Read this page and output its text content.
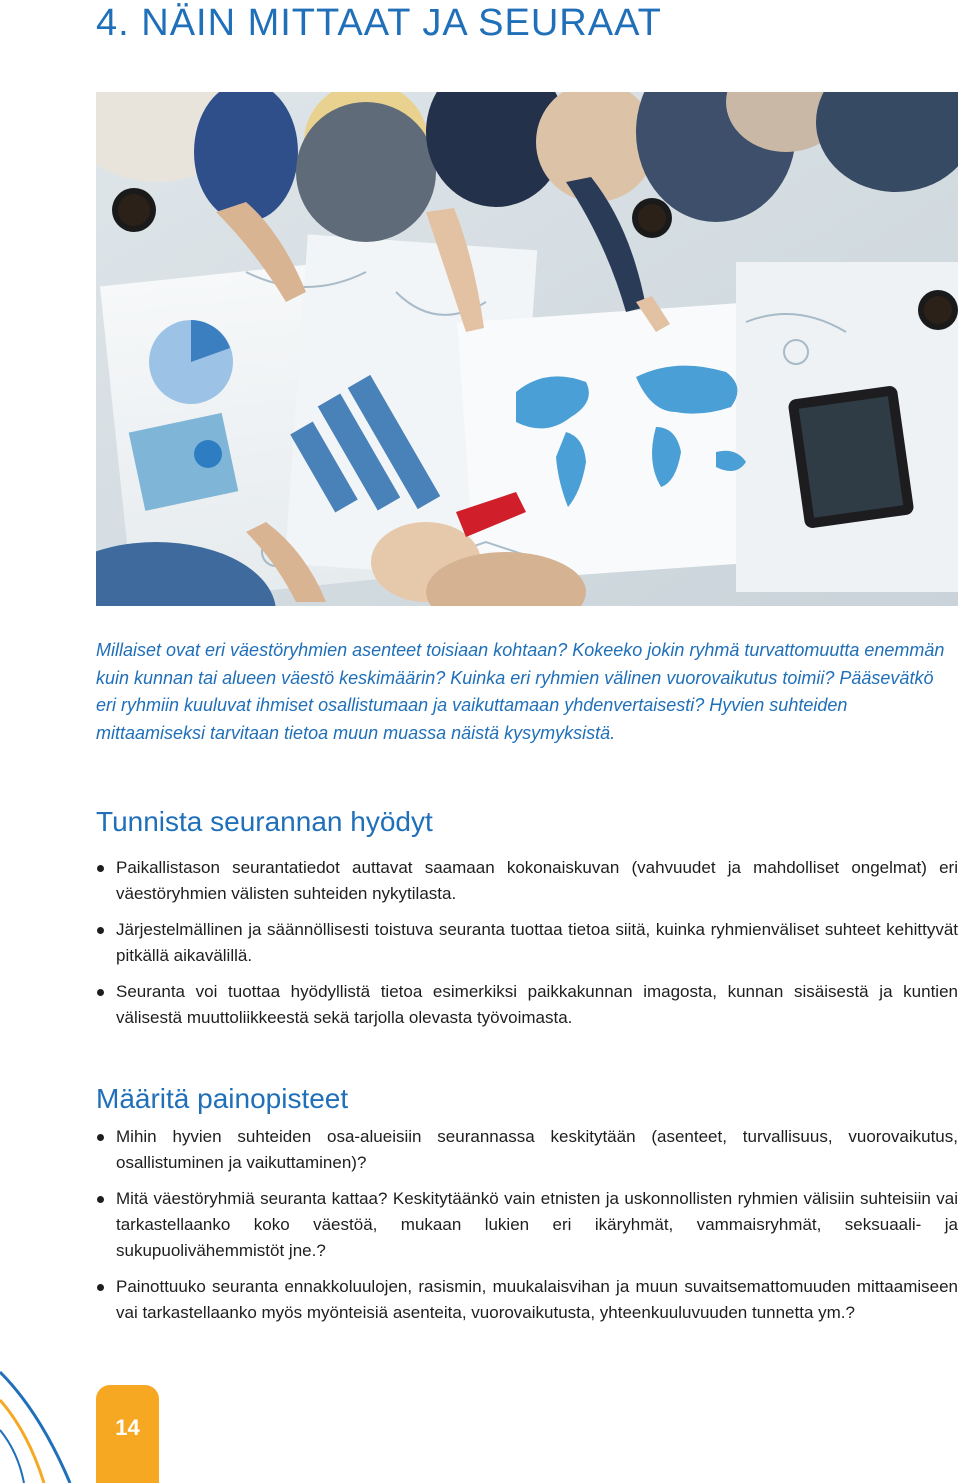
4. NÄIN MITTAAT JA SEURAAT

Millaiset ovat eri väestöryhmien asenteet toisiaan kohtaan? Kokeeko jokin ryhmä turvattomuutta enemmän kuin kunnan tai alueen väestö keskimäärin? Kuinka eri ryhmien välinen vuorovaikutus toimii? Pääsevätkö eri ryhmiin kuuluvat ihmiset osallistumaan ja vaikuttamaan yhdenvertaisesti? Hyvien suhteiden mittaamiseksi tarvitaan tietoa muun muassa näistä kysymyksistä.

Tunnista seurannan hyödyt
Paikallistason seurantatiedot auttavat saamaan kokonaiskuvan (vahvuudet ja mahdolliset ongelmat) eri väestöryhmien välisten suhteiden nykytilasta.
Järjestelmällinen ja säännöllisesti toistuva seuranta tuottaa tietoa siitä, kuinka ryhmienväliset suhteet kehittyvät pitkällä aikavälillä.
Seuranta voi tuottaa hyödyllistä tietoa esimerkiksi paikkakunnan imagosta, kunnan sisäisestä ja kuntien välisestä muuttoliikkeestä sekä tarjolla olevasta työvoimasta.
Määritä painopisteet
Mihin hyvien suhteiden osa-alueisiin seurannassa keskitytään (asenteet, turvallisuus, vuorovaikutus, osallistuminen ja vaikuttaminen)?
Mitä väestöryhmiä seuranta kattaa? Keskitytäänkö vain etnisten ja uskonnollisten ryhmien välisiin suhteisiin vai tarkastellaanko koko väestöä, mukaan lukien eri ikäryhmät, vammaisryhmät, seksuaali- ja sukupuolivähemmistöt jne.?
Painottuuko seuranta ennakkoluulojen, rasismin, muukalaisvihan ja muun suvaitsemattomuuden mittaamiseen vai tarkastellaanko myös myönteisiä asenteita, vuorovaikutusta, yhteenkuuluvuuden tunnetta ym.?
14
